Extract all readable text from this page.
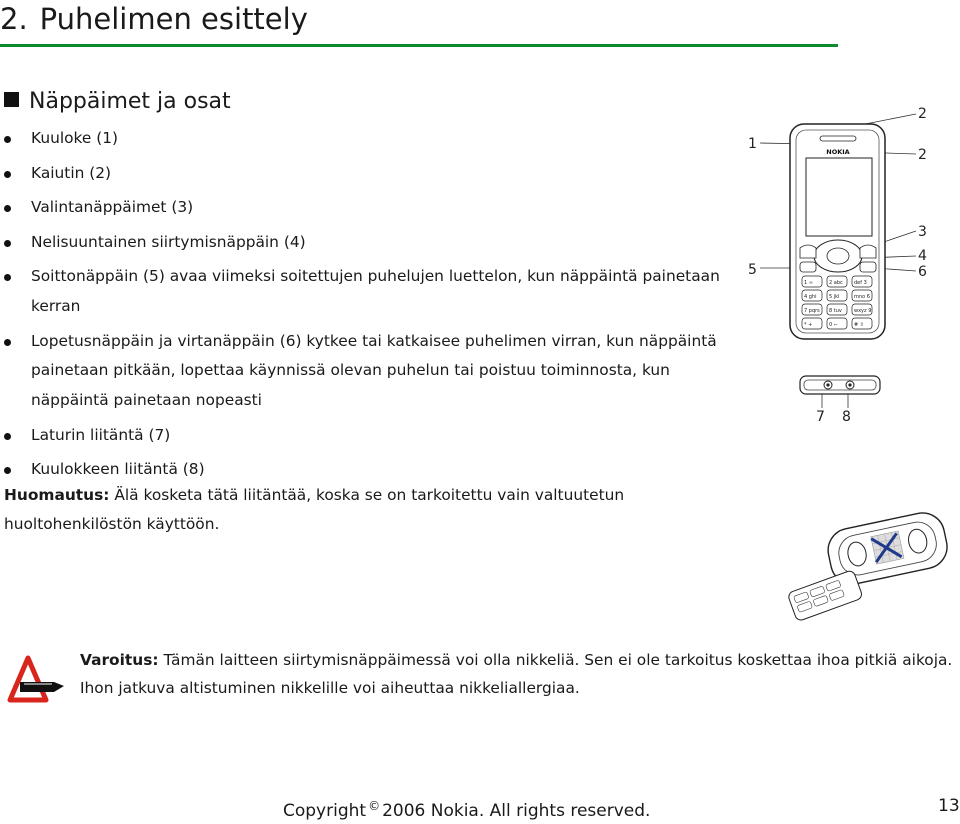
2. Puhelimen esittely
Näppäimet ja osat
Kuuloke (1)
Kaiutin (2)
Valintanäppäimet (3)
Nelisuuntainen siirtymisnäppäin (4)
Soittonäppäin (5) avaa viimeksi soitettujen puhelujen luettelon, kun näppäintä painetaan kerran
Lopetusnäppäin ja virtanäppäin (6) kytkee tai katkaisee puhelimen virran, kun näppäintä painetaan pitkään, lopettaa käynnissä olevan puhelun tai poistuu toiminnosta, kun näppäintä painetaan nopeasti
Laturin liitäntä (7)
Kuulokkeen liitäntä (8)
Huomautus: Älä kosketa tätä liitäntää, koska se on tarkoitettu vain valtuutetun huoltohenkilöstön käyttöön.
1
2
2
3
4
5	6
7 8
NOKIA
1 ∞	2 abc def 3
4 ghi 5 jkl	mno 6
7 pqrs 8 tuv wxyz 9
* +	0 ⌐	# ⇧
Varoitus: Tämän laitteen siirtymisnäppäimessä voi olla nikkeliä. Sen ei ole tarkoitus koskettaa ihoa pitkiä aikoja. Ihon jatkuva altistuminen nikkelille voi aiheuttaa nikkeliallergiaa.
Copyright © 2006 Nokia. All rights reserved.	13
